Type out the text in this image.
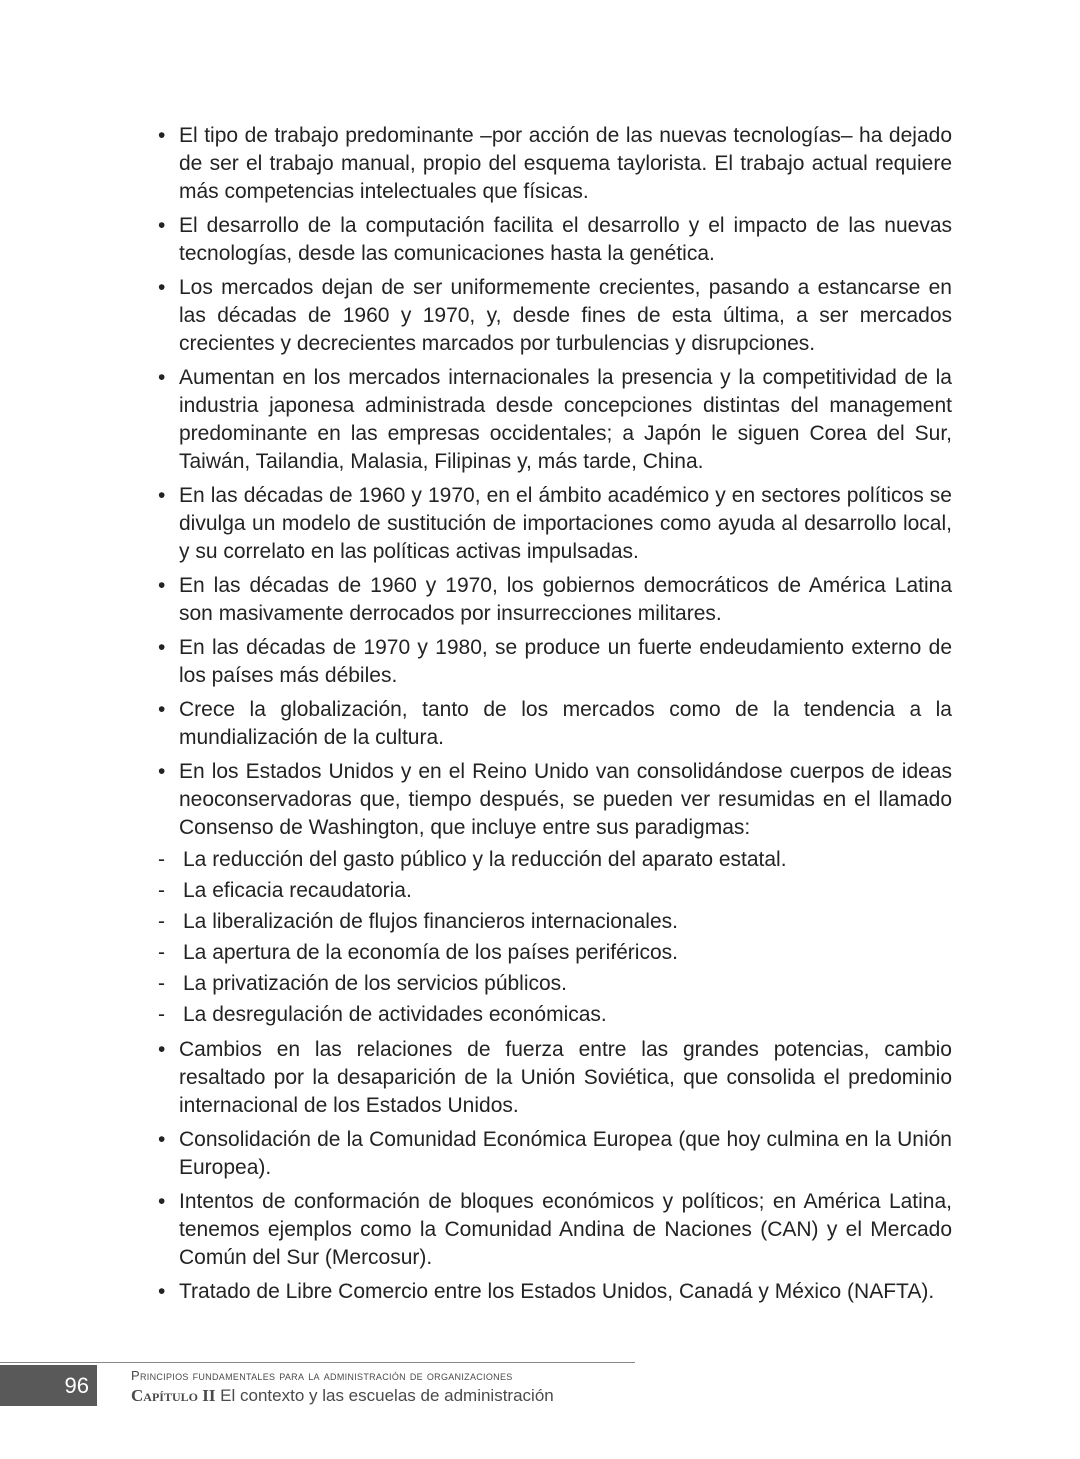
• El tipo de trabajo predominante –por acción de las nuevas tecnologías– ha dejado de ser el trabajo manual, propio del esquema taylorista. El trabajo actual requiere más competencias intelectuales que físicas.
• El desarrollo de la computación facilita el desarrollo y el impacto de las nuevas tecnologías, desde las comunicaciones hasta la genética.
• Los mercados dejan de ser uniformemente crecientes, pasando a estancarse en las décadas de 1960 y 1970, y, desde fines de esta última, a ser mercados crecientes y decrecientes marcados por turbulencias y disrupciones.
• Aumentan en los mercados internacionales la presencia y la competitividad de la industria japonesa administrada desde concepciones distintas del management predominante en las empresas occidentales; a Japón le siguen Corea del Sur, Taiwán, Tailandia, Malasia, Filipinas y, más tarde, China.
• En las décadas de 1960 y 1970, en el ámbito académico y en sectores políticos se divulga un modelo de sustitución de importaciones como ayuda al desarrollo local, y su correlato en las políticas activas impulsadas.
• En las décadas de 1960 y 1970, los gobiernos democráticos de América Latina son masivamente derrocados por insurrecciones militares.
• En las décadas de 1970 y 1980, se produce un fuerte endeudamiento externo de los países más débiles.
• Crece la globalización, tanto de los mercados como de la tendencia a la mundialización de la cultura.
• En los Estados Unidos y en el Reino Unido van consolidándose cuerpos de ideas neoconservadoras que, tiempo después, se pueden ver resumidas en el llamado Consenso de Washington, que incluye entre sus paradigmas:
- La reducción del gasto público y la reducción del aparato estatal.
- La eficacia recaudatoria.
- La liberalización de flujos financieros internacionales.
- La apertura de la economía de los países periféricos.
- La privatización de los servicios públicos.
- La desregulación de actividades económicas.
• Cambios en las relaciones de fuerza entre las grandes potencias, cambio resaltado por la desaparición de la Unión Soviética, que consolida el predominio internacional de los Estados Unidos.
• Consolidación de la Comunidad Económica Europea (que hoy culmina en la Unión Europea).
• Intentos de conformación de bloques económicos y políticos; en América Latina, tenemos ejemplos como la Comunidad Andina de Naciones (CAN) y el Mercado Común del Sur (Mercosur).
• Tratado de Libre Comercio entre los Estados Unidos, Canadá y México (NAFTA).
96	Principios fundamentales para la administración de organizaciones
Capítulo II El contexto y las escuelas de administración
